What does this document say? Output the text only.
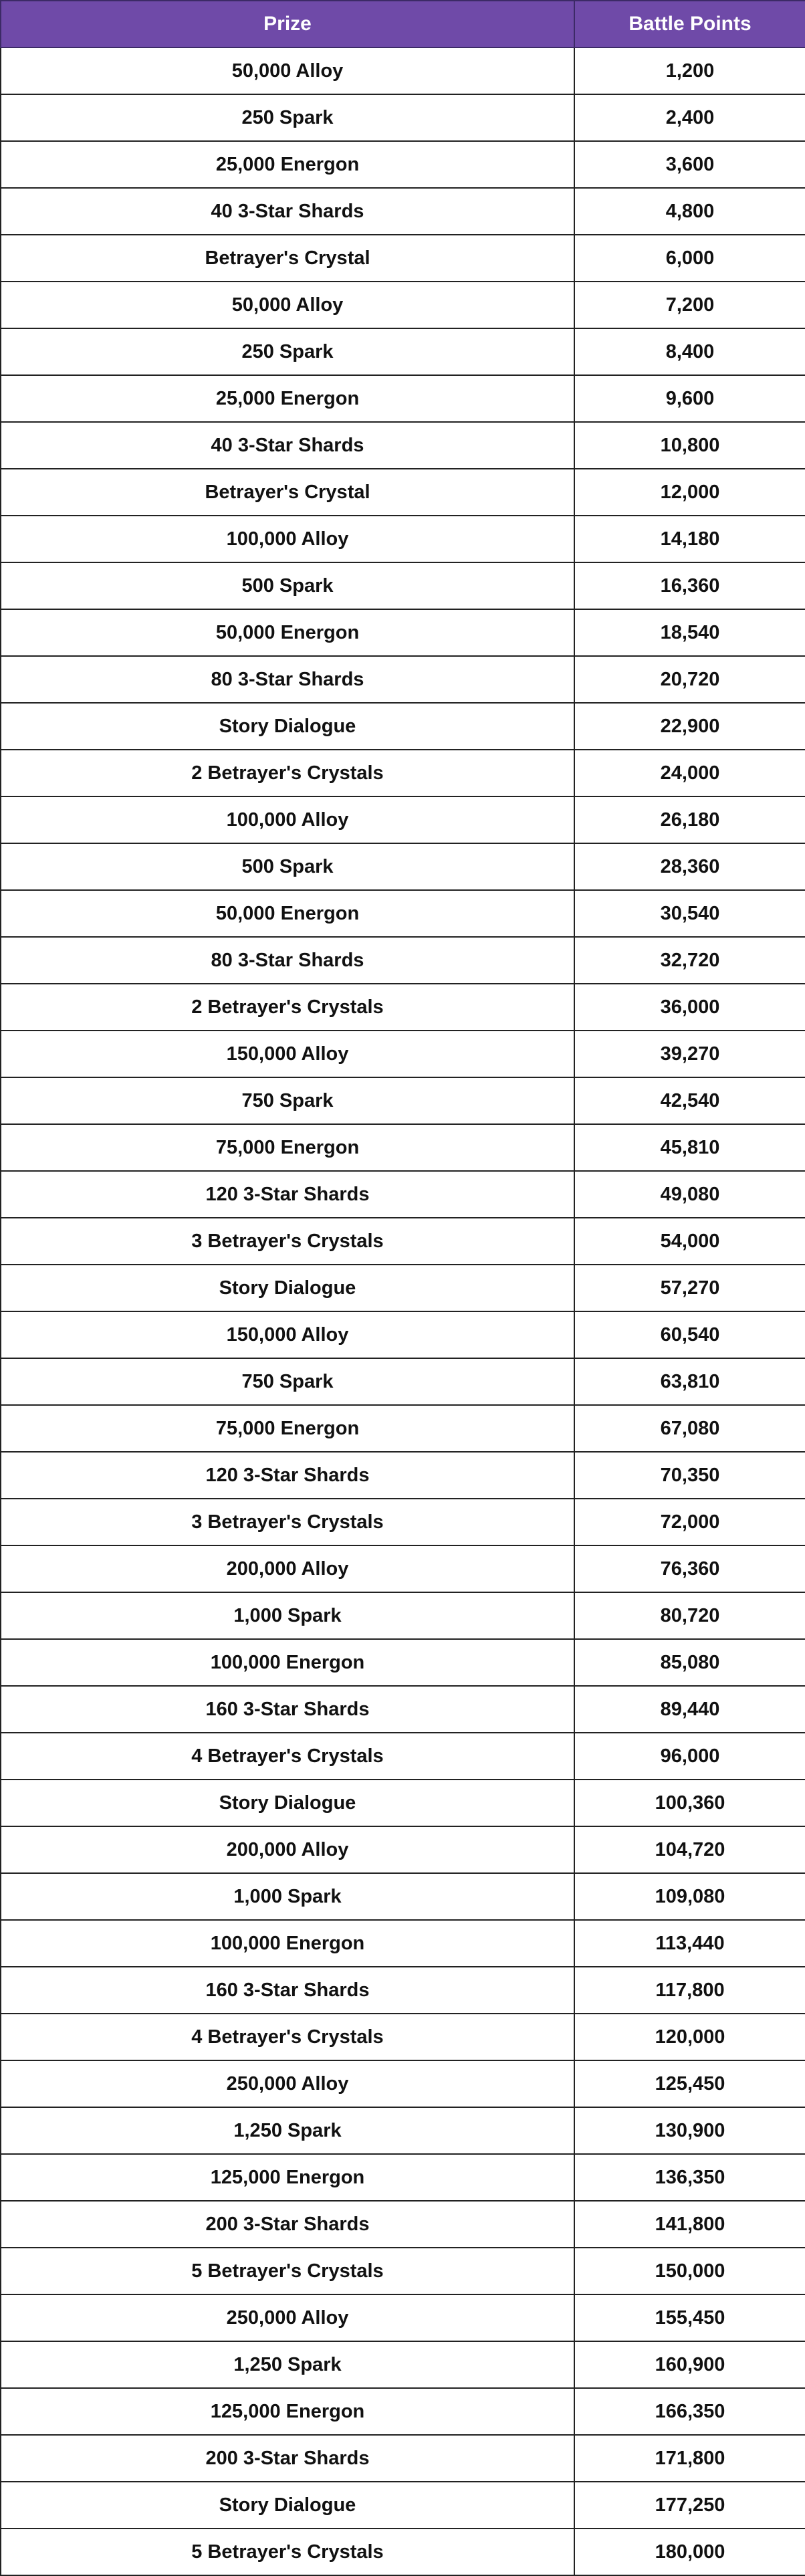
Prize	Battle Points
50,000 Alloy	1,200
250 Spark	2,400
25,000 Energon	3,600
40 3-Star Shards	4,800
Betrayer's Crystal	6,000
50,000 Alloy	7,200
250 Spark	8,400
25,000 Energon	9,600
40 3-Star Shards	10,800
Betrayer's Crystal	12,000
100,000 Alloy	14,180
500 Spark	16,360
50,000 Energon	18,540
80 3-Star Shards	20,720
Story Dialogue	22,900
2 Betrayer's Crystals	24,000
100,000 Alloy	26,180
500 Spark	28,360
50,000 Energon	30,540
80 3-Star Shards	32,720
2 Betrayer's Crystals	36,000
150,000 Alloy	39,270
750 Spark	42,540
75,000 Energon	45,810
120 3-Star Shards	49,080
3 Betrayer's Crystals	54,000
Story Dialogue	57,270
150,000 Alloy	60,540
750 Spark	63,810
75,000 Energon	67,080
120 3-Star Shards	70,350
3 Betrayer's Crystals	72,000
200,000 Alloy	76,360
1,000 Spark	80,720
100,000 Energon	85,080
160 3-Star Shards	89,440
4 Betrayer's Crystals	96,000
Story Dialogue	100,360
200,000 Alloy	104,720
1,000 Spark	109,080
100,000 Energon	113,440
160 3-Star Shards	117,800
4 Betrayer's Crystals	120,000
250,000 Alloy	125,450
1,250 Spark	130,900
125,000 Energon	136,350
200 3-Star Shards	141,800
5 Betrayer's Crystals	150,000
250,000 Alloy	155,450
1,250 Spark	160,900
125,000 Energon	166,350
200 3-Star Shards	171,800
Story Dialogue	177,250
5 Betrayer's Crystals	180,000
